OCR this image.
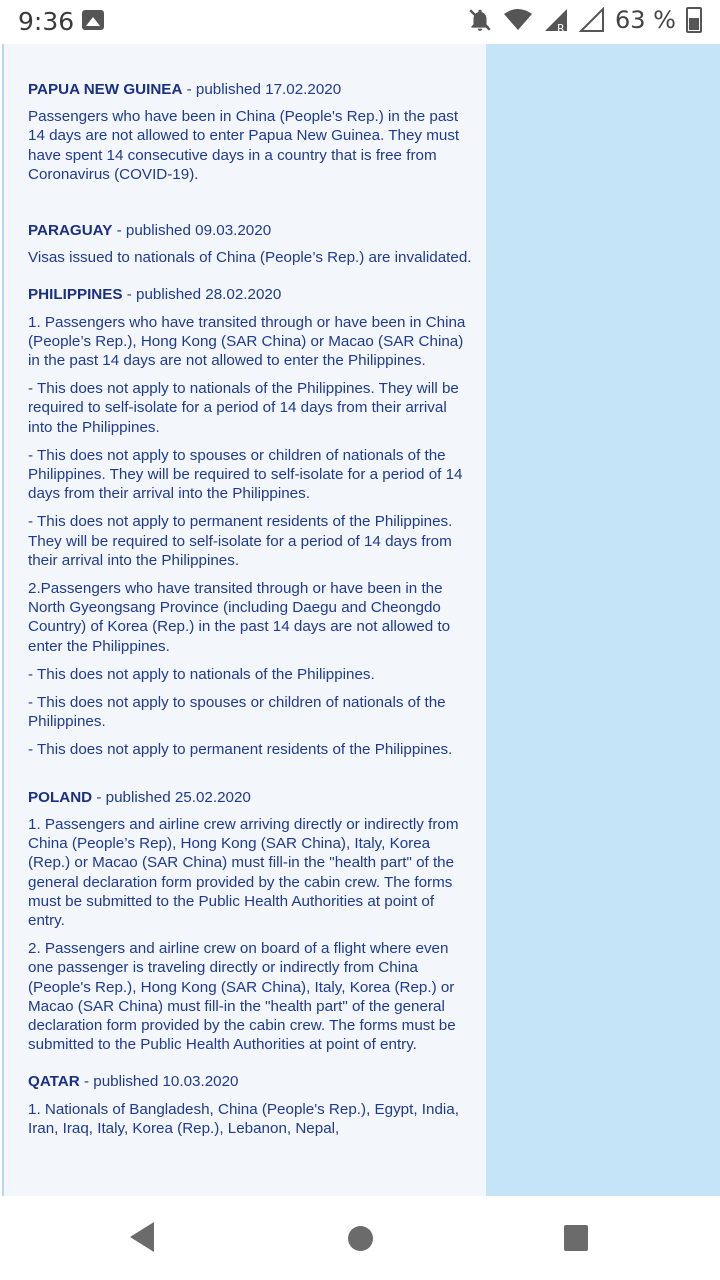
9:36	R 63 %
PAPUA NEW GUINEA - published 17.02.2020

Passengers who have been in China (People's Rep.) in the past 14 days are not allowed to enter Papua New Guinea. They must have spent 14 consecutive days in a country that is free from Coronavirus (COVID-19).

PARAGUAY - published 09.03.2020

Visas issued to nationals of China (People’s Rep.) are invalidated.

PHILIPPINES - published 28.02.2020

1. Passengers who have transited through or have been in China (People’s Rep.), Hong Kong (SAR China) or Macao (SAR China) in the past 14 days are not allowed to enter the Philippines.

- This does not apply to nationals of the Philippines. They will be required to self-isolate for a period of 14 days from their arrival into the Philippines.

- This does not apply to spouses or children of nationals of the Philippines. They will be required to self-isolate for a period of 14 days from their arrival into the Philippines.

- This does not apply to permanent residents of the Philippines. They will be required to self-isolate for a period of 14 days from their arrival into the Philippines.

2.Passengers who have transited through or have been in the North Gyeongsang Province (including Daegu and Cheongdo Country) of Korea (Rep.) in the past 14 days are not allowed to enter the Philippines.

- This does not apply to nationals of the Philippines.

- This does not apply to spouses or children of nationals of the Philippines.

- This does not apply to permanent residents of the Philippines.

POLAND - published 25.02.2020

1. Passengers and airline crew arriving directly or indirectly from China (People’s Rep), Hong Kong (SAR China), Italy, Korea (Rep.) or Macao (SAR China) must fill-in the "health part" of the general declaration form provided by the cabin crew. The forms must be submitted to the Public Health Authorities at point of entry.

2. Passengers and airline crew on board of a flight where even one passenger is traveling directly or indirectly from China (People's Rep.), Hong Kong (SAR China), Italy, Korea (Rep.) or Macao (SAR China) must fill-in the "health part" of the general declaration form provided by the cabin crew. The forms must be submitted to the Public Health Authorities at point of entry.

QATAR - published 10.03.2020

1. Nationals of Bangladesh, China (People's Rep.), Egypt, India, Iran, Iraq, Italy, Korea (Rep.), Lebanon, Nepal,
